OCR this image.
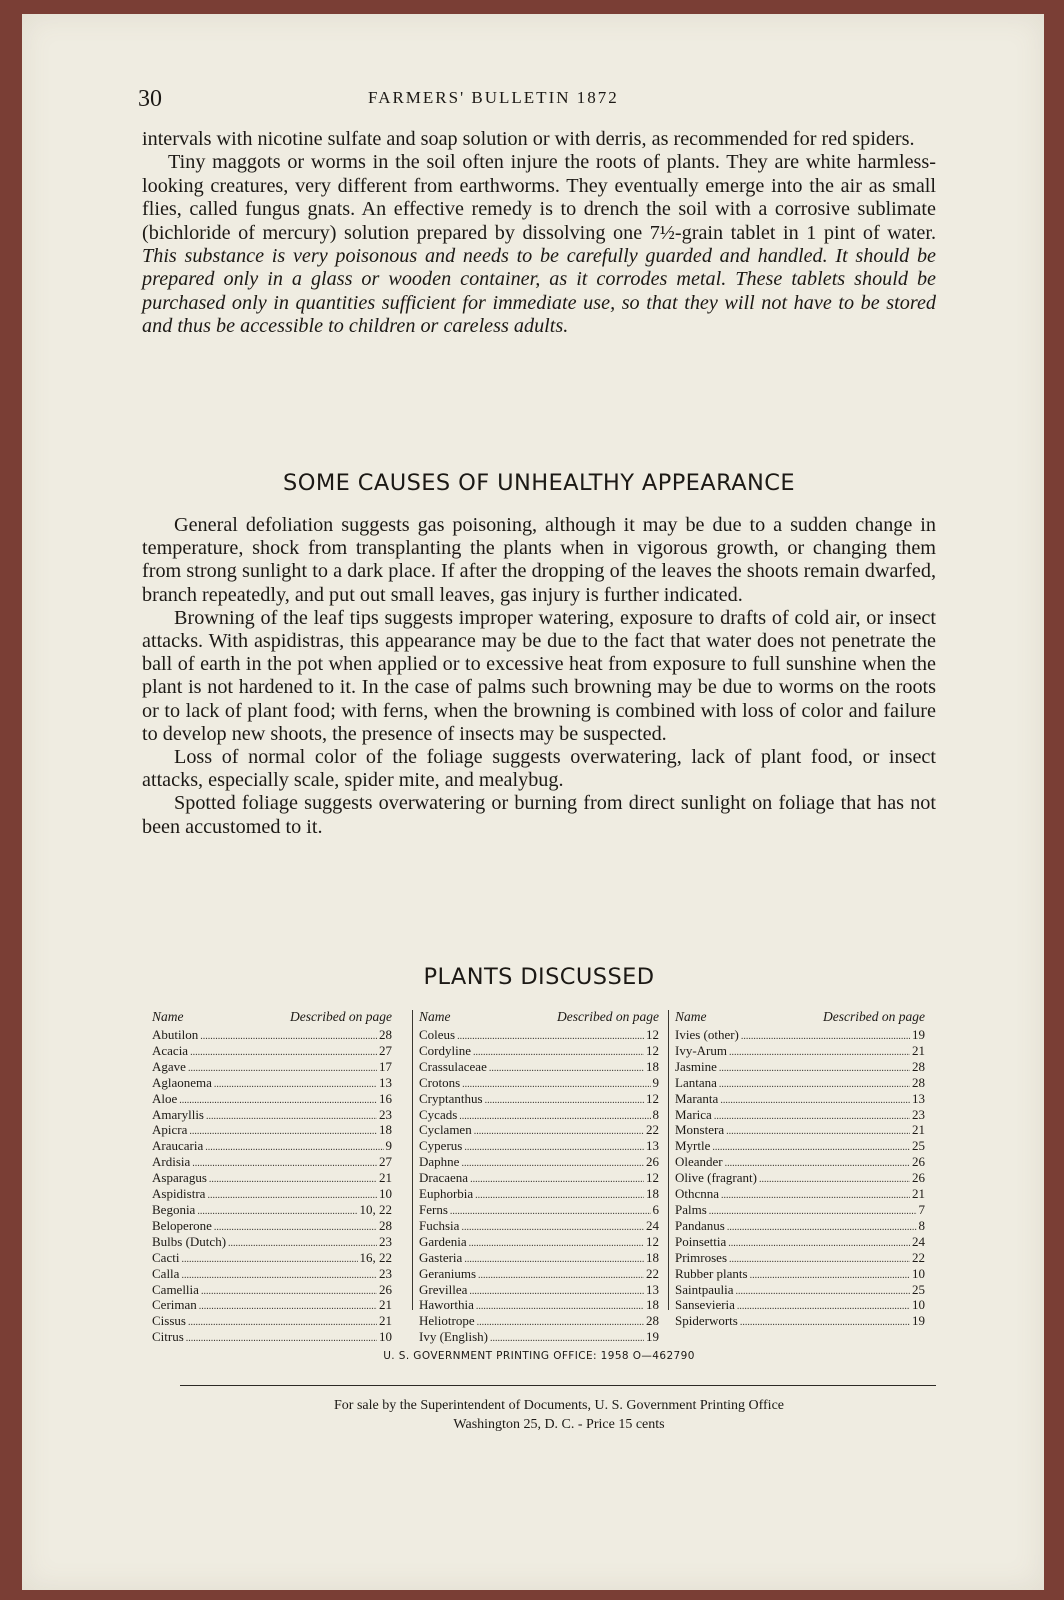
30	FARMERS' BULLETIN 1872

intervals with nicotine sulfate and soap solution or with derris, as recommended for red spiders.

Tiny maggots or worms in the soil often injure the roots of plants. They are white harmless-looking creatures, very different from earthworms. They eventually emerge into the air as small flies, called fungus gnats. An effective remedy is to drench the soil with a corrosive sublimate (bichloride of mercury) solution prepared by dissolving one 7½-grain tablet in 1 pint of water. This substance is very poisonous and needs to be carefully guarded and handled. It should be prepared only in a glass or wooden container, as it corrodes metal. These tablets should be purchased only in quantities sufficient for immediate use, so that they will not have to be stored and thus be accessible to children or careless adults.

SOME CAUSES OF UNHEALTHY APPEARANCE

General defoliation suggests gas poisoning, although it may be due to a sudden change in temperature, shock from transplanting the plants when in vigorous growth, or changing them from strong sunlight to a dark place. If after the dropping of the leaves the shoots remain dwarfed, branch repeatedly, and put out small leaves, gas injury is further indicated.

Browning of the leaf tips suggests improper watering, exposure to drafts of cold air, or insect attacks. With aspidistras, this appearance may be due to the fact that water does not penetrate the ball of earth in the pot when applied or to excessive heat from exposure to full sunshine when the plant is not hardened to it. In the case of palms such browning may be due to worms on the roots or to lack of plant food; with ferns, when the browning is combined with loss of color and failure to develop new shoots, the presence of insects may be suspected.

Loss of normal color of the foliage suggests overwatering, lack of plant food, or insect attacks, especially scale, spider mite, and mealybug.

Spotted foliage suggests overwatering or burning from direct sunlight on foliage that has not been accustomed to it.

PLANTS DISCUSSED
Name	Described on page
Abutilon .....	28
Acacia .....	27
Agave .....	17
Aglaonema .....	13
Aloe .....	16
Amaryllis .....	23
Apicra .....	18
Araucaria .....	9
Ardisia .....	27
Asparagus .....	21
Aspidistra .....	10
Begonia .....	10, 22
Beloperone .....	28
Bulbs (Dutch) .....	23
Cacti .....	16, 22
Calla .....	23
Camellia .....	26
Ceriman .....	21
Cissus .....	21
Citrus .....	10
Name	Described on page
Coleus .....	12
Cordyline .....	12
Crassulaceae .....	18
Crotons .....	9
Cryptanthus .....	12
Cycads .....	8
Cyclamen .....	22
Cyperus .....	13
Daphne .....	26
Dracaena .....	12
Euphorbia .....	18
Ferns .....	6
Fuchsia .....	24
Gardenia .....	12
Gasteria .....	18
Geraniums .....	22
Grevillea .....	13
Haworthia .....	18
Heliotrope .....	28
Ivy (English) .....	19
Name	Described on page
Ivies (other) .....	19
Ivy-Arum .....	21
Jasmine .....	28
Lantana .....	28
Maranta .....	13
Marica .....	23
Monstera .....	21
Myrtle .....	25
Oleander .....	26
Olive (fragrant) .....	26
Othcnna .....	21
Palms .....	7
Pandanus .....	8
Poinsettia .....	24
Primroses .....	22
Rubber plants .....	10
Saintpaulia .....	25
Sansevieria .....	10
Spiderworts .....	19
U. S. GOVERNMENT PRINTING OFFICE: 1958 O—462790
For sale by the Superintendent of Documents, U. S. Government Printing Office
Washington 25, D. C. - Price 15 cents
